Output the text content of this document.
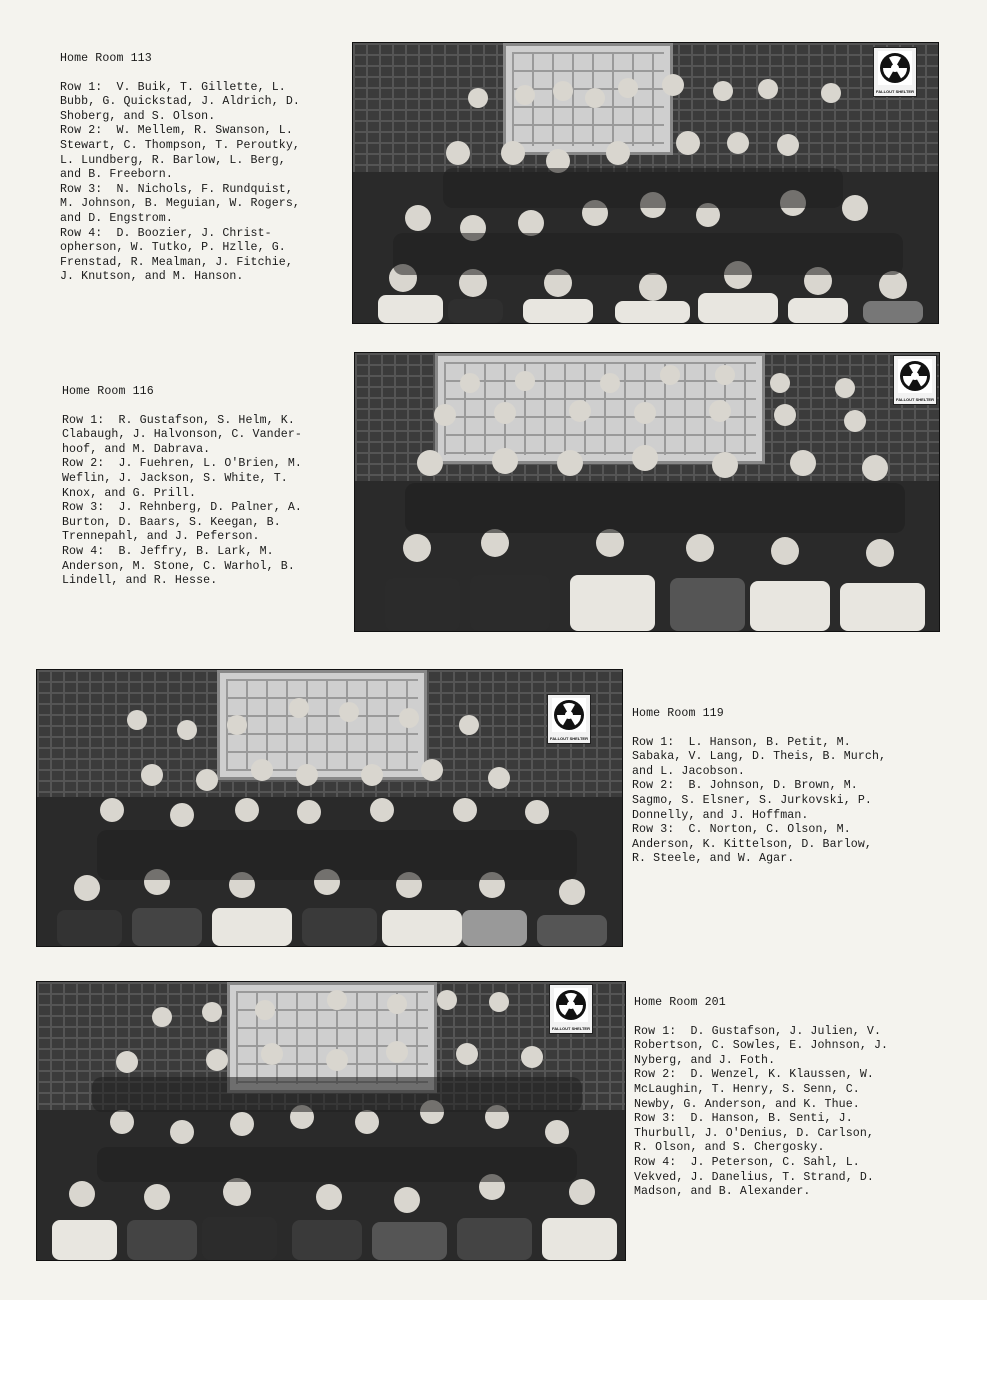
Home Room 113
Row 1:  V. Buik, T. Gillette, L.
Bubb, G. Quickstad, J. Aldrich, D.
Shoberg, and S. Olson.
Row 2:  W. Mellem, R. Swanson, L.
Stewart, C. Thompson, T. Peroutky,
L. Lundberg, R. Barlow, L. Berg,
and B. Freeborn.
Row 3:  N. Nichols, F. Rundquist,
M. Johnson, B. Meguian, W. Rogers,
and D. Engstrom.
Row 4:  D. Boozier, J. Christ-
opherson, W. Tutko, P. Hzlle, G.
Frenstad, R. Mealman, J. Fitchie,
J. Knutson, and M. Hanson.
FALLOUT SHELTER
Home Room 116
Row 1:  R. Gustafson, S. Helm, K.
Clabaugh, J. Halvonson, C. Vander-
hoof, and M. Dabrava.
Row 2:  J. Fuehren, L. O'Brien, M.
Weflin, J. Jackson, S. White, T.
Knox, and G. Prill.
Row 3:  J. Rehnberg, D. Palner, A.
Burton, D. Baars, S. Keegan, B.
Trennepahl, and J. Peferson.
Row 4:  B. Jeffry, B. Lark, M.
Anderson, M. Stone, C. Warhol, B.
Lindell, and R. Hesse.
FALLOUT SHELTER
FALLOUT SHELTER
Home Room 119
Row 1:  L. Hanson, B. Petit, M.
Sabaka, V. Lang, D. Theis, B. Murch,
and L. Jacobson.
Row 2:  B. Johnson, D. Brown, M.
Sagmo, S. Elsner, S. Jurkovski, P.
Donnelly, and J. Hoffman.
Row 3:  C. Norton, C. Olson, M.
Anderson, K. Kittelson, D. Barlow,
R. Steele, and W. Agar.
FALLOUT SHELTER
Home Room 201
Row 1:  D. Gustafson, J. Julien, V.
Robertson, C. Sowles, E. Johnson, J.
Nyberg, and J. Foth.
Row 2:  D. Wenzel, K. Klaussen, W.
McLaughin, T. Henry, S. Senn, C.
Newby, G. Anderson, and K. Thue.
Row 3:  D. Hanson, B. Senti, J.
Thurbull, J. O'Denius, D. Carlson,
R. Olson, and S. Chergosky.
Row 4:  J. Peterson, C. Sahl, L.
Vekved, J. Danelius, T. Strand, D.
Madson, and B. Alexander.
